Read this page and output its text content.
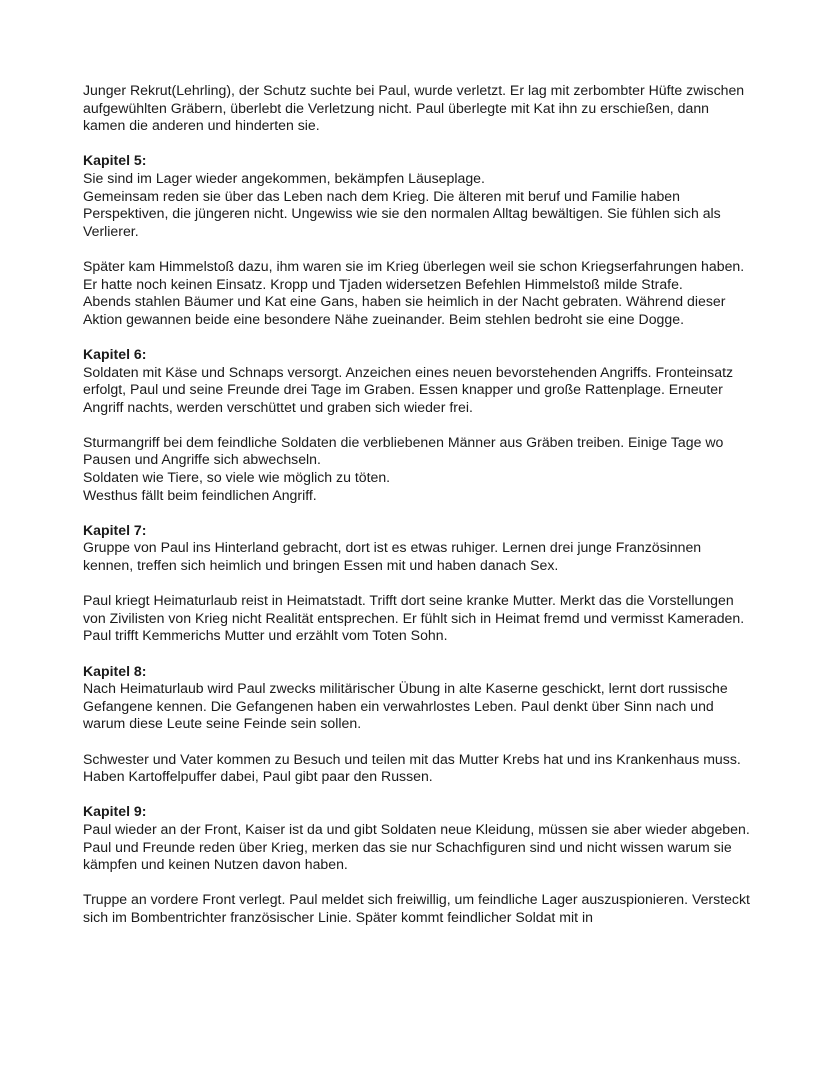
Junger Rekrut(Lehrling), der Schutz suchte bei Paul, wurde verletzt. Er lag mit zerbombter Hüfte zwischen aufgewühlten Gräbern, überlebt die Verletzung nicht. Paul überlegte mit Kat ihn zu erschießen, dann kamen die anderen und hinderten sie.

Kapitel 5:

Sie sind im Lager wieder angekommen, bekämpfen Läuseplage.

Gemeinsam reden sie über das Leben nach dem Krieg. Die älteren mit beruf und Familie haben Perspektiven, die jüngeren nicht. Ungewiss wie sie den normalen Alltag bewältigen. Sie fühlen sich als Verlierer.

Später kam Himmelstoß dazu, ihm waren sie im Krieg überlegen weil sie schon Kriegserfahrungen haben. Er hatte noch keinen Einsatz. Kropp und Tjaden widersetzen Befehlen Himmelstoß milde Strafe.

Abends stahlen Bäumer und Kat eine Gans, haben sie heimlich in der Nacht gebraten. Während dieser Aktion gewannen beide eine besondere Nähe zueinander. Beim stehlen bedroht sie eine Dogge.

Kapitel 6:

Soldaten mit Käse und Schnaps versorgt. Anzeichen eines neuen bevorstehenden Angriffs. Fronteinsatz erfolgt, Paul und seine Freunde drei Tage im Graben. Essen knapper und große Rattenplage. Erneuter Angriff nachts, werden verschüttet und graben sich wieder frei.

Sturmangriff bei dem feindliche Soldaten die verbliebenen Männer aus Gräben treiben. Einige Tage wo Pausen und Angriffe sich abwechseln.

Soldaten wie Tiere, so viele wie möglich zu töten.

Westhus fällt beim feindlichen Angriff.

Kapitel 7:

Gruppe von Paul ins Hinterland gebracht, dort ist es etwas ruhiger. Lernen drei junge Französinnen kennen, treffen sich heimlich und bringen Essen mit und haben danach Sex.

Paul kriegt Heimaturlaub reist in Heimatstadt. Trifft dort seine kranke Mutter. Merkt das die Vorstellungen von Zivilisten von Krieg nicht Realität entsprechen. Er fühlt sich in Heimat fremd und vermisst Kameraden.

Paul trifft Kemmerichs Mutter und erzählt vom Toten Sohn.

Kapitel 8:

Nach Heimaturlaub wird Paul zwecks militärischer Übung in alte Kaserne geschickt, lernt dort russische Gefangene kennen. Die Gefangenen haben ein verwahrlostes Leben. Paul denkt über Sinn nach und warum diese Leute seine Feinde sein sollen.

Schwester und Vater kommen zu Besuch und teilen mit das Mutter Krebs hat und ins Krankenhaus muss. Haben Kartoffelpuffer dabei, Paul gibt paar den Russen.

Kapitel 9:

Paul wieder an der Front, Kaiser ist da und gibt Soldaten neue Kleidung, müssen sie aber wieder abgeben. Paul und Freunde reden über Krieg, merken das sie nur Schachfiguren sind und nicht wissen warum sie kämpfen und keinen Nutzen davon haben.

Truppe an vordere Front verlegt. Paul meldet sich freiwillig, um feindliche Lager auszuspionieren. Versteckt sich im Bombentrichter französischer Linie. Später kommt feindlicher Soldat mit in
